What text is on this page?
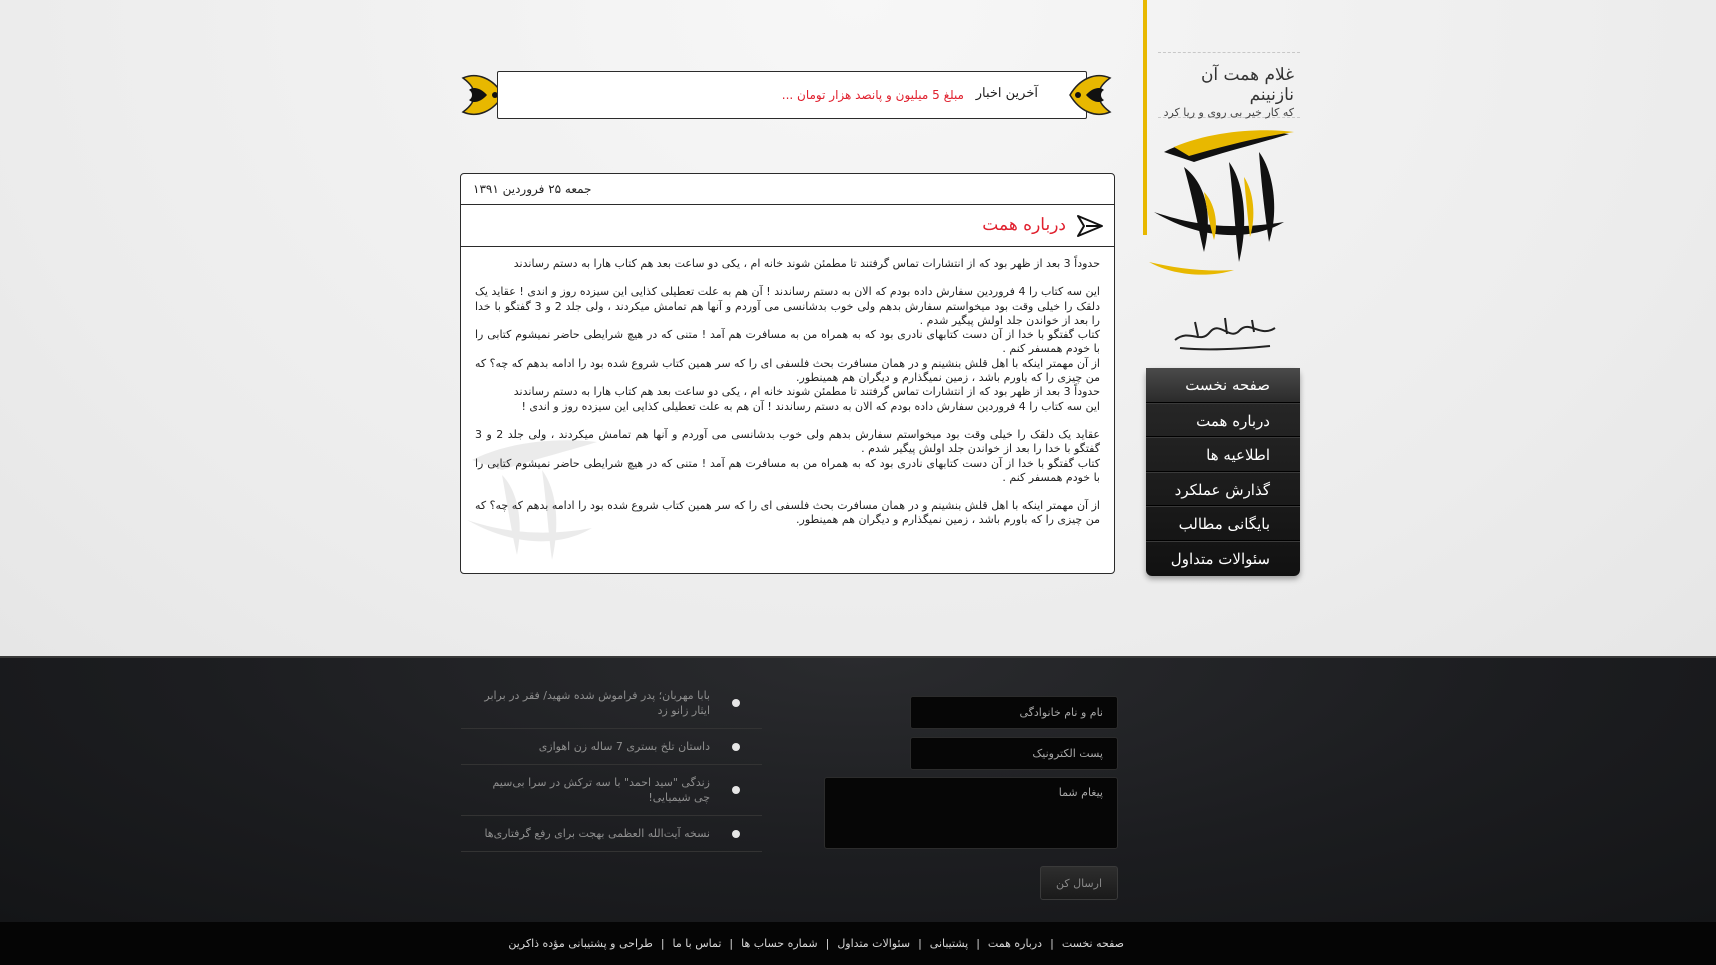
غلام همت آن نازنینم
که کار خیر بی روی و ریا کرد
همت
بسم الله الرحمن الرحیم
صفحه نخست
درباره همت
اطلاعیه ها
گذارش عملکرد
بایگانی مطالب
سئوالات متداول
آخرین اخبار
مبلغ 5 میلیون و پانصد هزار تومان ...
جمعه ۲۵ فروردین ۱۳۹۱
درباره همت

حدوداً 3 بعد از ظهر بود که از انتشارات تماس گرفتند تا مطمئن شوند خانه ام ، یکی دو ساعت بعد هم کتاب هارا به دستم رساندند

این سه کتاب را 4 فروردین سفارش داده بودم که الان به دستم رساندند ! آن هم به علت تعطیلی کذایی این سیزده روز و اندی ! عقاید یک دلقک را خیلی وقت بود میخواستم سفارش بدهم ولی خوب بدشانسی می آوردم و آنها هم تمامش میکردند ، ولی جلد 2 و 3 گفتگو با خدا را بعد از خواندن جلد اولش پیگیر شدم .

کتاب گفتگو با خدا از آن دست کتابهای نادری بود که به همراه من به مسافرت هم آمد ! متنی که در هیچ شرایطی حاضر نمیشوم کتابی را با خودم همسفر کنم .

از آن مهمتر اینکه با اهل قلش بنشینم و در همان مسافرت بحث فلسفی ای را که سر همین کتاب شروع شده بود را ادامه بدهم که چه؟ که من چیزی را که باورم باشد ، زمین نمیگذارم و دیگران هم همینطور.

حدوداً 3 بعد از ظهر بود که از انتشارات تماس گرفتند تا مطمئن شوند خانه ام ، یکی دو ساعت بعد هم کتاب هارا به دستم رساندند

این سه کتاب را 4 فروردین سفارش داده بودم که الان به دستم رساندند ! آن هم به علت تعطیلی کذایی این سیزده روز و اندی !

عقاید یک دلقک را خیلی وقت بود میخواستم سفارش بدهم ولی خوب بدشانسی می آوردم و آنها هم تمامش میکردند ، ولی جلد 2 و 3 گفتگو با خدا را بعد از خواندن جلد اولش پیگیر شدم .

کتاب گفتگو با خدا از آن دست کتابهای نادری بود که به همراه من به مسافرت هم آمد ! متنی که در هیچ شرایطی حاضر نمیشوم کتابی را با خودم همسفر کنم .

از آن مهمتر اینکه با اهل قلش بنشینم و در همان مسافرت بحث فلسفی ای را که سر همین کتاب شروع شده بود را ادامه بدهم که چه؟ که من چیزی را که باورم باشد ، زمین نمیگذارم و دیگران هم همینطور.

بابا مهربان؛ پدر فراموش شده شهید/ فقر در برابر ایثار زانو زد
داستان تلخ بستری 7 ساله زن اهوازی
زندگی "سید احمد" با سه ترکش در سرا بی‌سیم چی شیمیایی!
نسخه آیت‌الله العظمی بهجت برای رفع گرفتاری‌ها
نام و نام خانوادگی
پست الکترونیک
پیغام شما
ارسال کن
صفحه نخست|درباره همت|پشتیبانی|سئوالات متداول|شماره حساب ها|تماس با ما|طراحی و پشتیبانی مؤده ذاکرین
